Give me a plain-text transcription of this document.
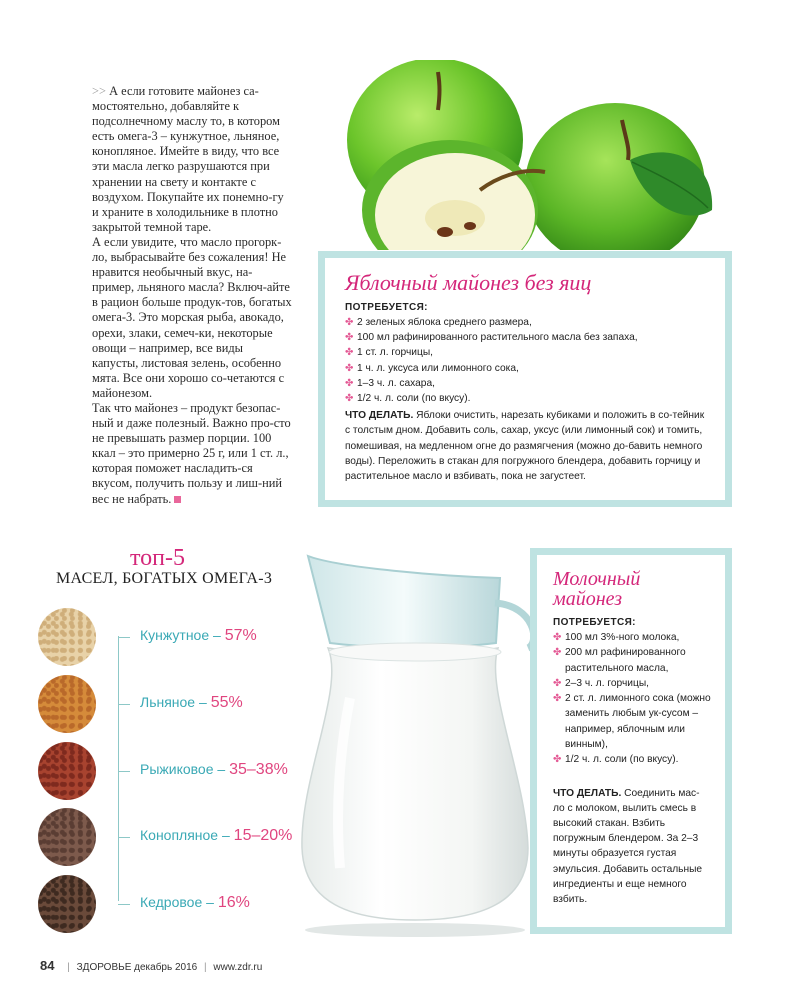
>> А если готовите майонез са-мостоятельно, добавляйте к подсолнечному маслу то, в котором есть омега-3 – кунжутное, льняное, конопляное. Имейте в виду, что все эти масла легко разрушаются при хранении на свету и контакте с воздухом. Покупайте их понемно-гу и храните в холодильнике в плотно закрытой темной таре.

А если увидите, что масло прогорк-ло, выбрасывайте без сожаления! Не нравится необычный вкус, на-пример, льняного масла? Включ-айте в рацион больше продук-тов, богатых омега-3. Это морская рыба, авокадо, орехи, злаки, семеч-ки, некоторые овощи – например, все виды капусты, листовая зелень, особенно мята. Все они хорошо со-четаются с майонезом.

Так что майонез – продукт безопас-ный и даже полезный. Важно про-сто не превышать размер порции. 100 ккал – это примерно 25 г, или 1 ст. л., которая поможет насладить-ся вкусом, получить пользу и лиш-ний вес не набрать.

Яблочный майонез без яиц
ПОТРЕБУЕТСЯ:
✤ 2 зеленых яблока среднего размера,
✤ 100 мл рафинированного растительного масла без запаха,
✤ 1 ст. л. горчицы,
✤ 1 ч. л. уксуса или лимонного сока,
✤ 1–3 ч. л. сахара,
✤ 1/2 ч. л. соли (по вкусу).

ЧТО ДЕЛАТЬ. Яблоки очистить, нарезать кубиками и положить в со-тейник с толстым дном. Добавить соль, сахар, уксус (или лимонный сок) и томить, помешивая, на медленном огне до размягчения (можно до-бавить немного воды). Переложить в стакан для погружного блендера, добавить горчицу и растительное масло и взбивать, пока не загустеет.

топ-5
МАСЕЛ, БОГАТЫХ ОМЕГА-3
Кунжутное – 57%
Льняное – 55%
Рыжиковое – 35–38%
Конопляное – 15–20%
Кедровое – 16%
Молочный
майонез
ПОТРЕБУЕТСЯ:
✤ 100 мл 3%-ного молока,
✤ 200 мл рафинированного растительного масла,
✤ 2–3 ч. л. горчицы,
✤ 2 ст. л. лимонного сока (можно заменить любым ук-сусом – например, яблочным или винным),
✤ 1/2 ч. л. соли (по вкусу).

ЧТО ДЕЛАТЬ. Соединить мас-ло с молоком, вылить смесь в высокий стакан. Взбить погружным блендером. За 2–3 минуты образуется густая эмульсия. Добавить остальные ингредиенты и еще немного взбить.

84 | ЗДОРОВЬЕ декабрь 2016 | www.zdr.ru
